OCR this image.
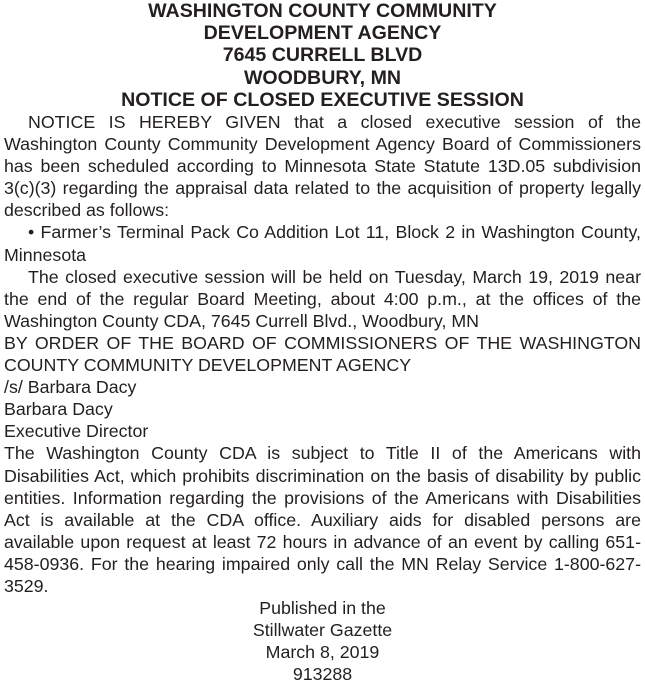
WASHINGTON COUNTY COMMUNITY
DEVELOPMENT AGENCY
7645 CURRELL BLVD
WOODBURY, MN
NOTICE OF CLOSED EXECUTIVE SESSION

NOTICE IS HEREBY GIVEN that a closed executive session of the Washington County Community Development Agency Board of Commissioners has been scheduled according to Minnesota State Statute 13D.05 subdivision 3(c)(3) regarding the appraisal data related to the acquisition of property legally described as follows:

• Farmer’s Terminal Pack Co Addition Lot 11, Block 2 in Washington County, Minnesota

The closed executive session will be held on Tuesday, March 19, 2019 near the end of the regular Board Meeting, about 4:00 p.m., at the offices of the Washington County CDA, 7645 Currell Blvd., Woodbury, MN

BY ORDER OF THE BOARD OF COMMISSIONERS OF THE WASHINGTON COUNTY COMMUNITY DEVELOPMENT AGENCY

/s/ Barbara Dacy
Barbara Dacy
Executive Director

The Washington County CDA is subject to Title II of the Americans with Disabilities Act, which prohibits discrimination on the basis of disability by public entities. Information regarding the provisions of the Americans with Disabilities Act is available at the CDA office. Auxiliary aids for disabled persons are available upon request at least 72 hours in advance of an event by calling 651-458-0936. For the hearing impaired only call the MN Relay Service 1-800-627-3529.

Published in the
Stillwater Gazette
March 8, 2019
913288
